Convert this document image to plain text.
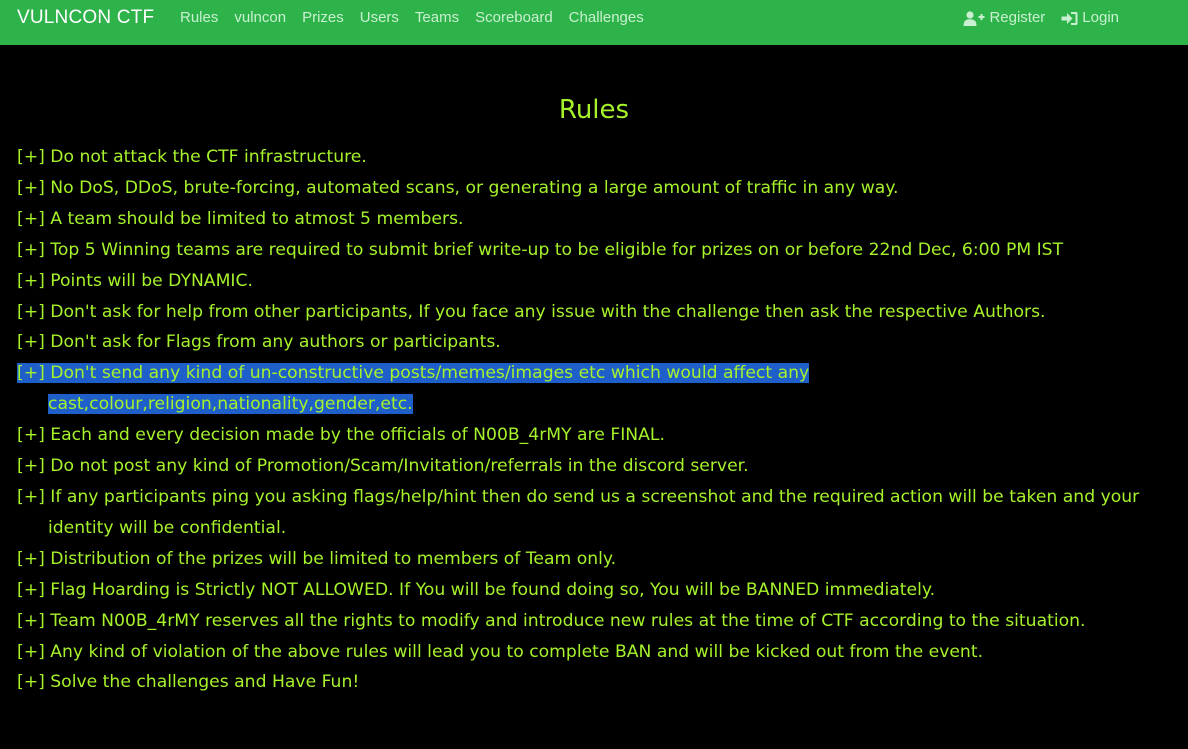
VULNCON CTF Rules vulncon Prizes Users Teams Scoreboard Challenges	Register Login
Rules
[+] Do not attack the CTF infrastructure.
[+] No DoS, DDoS, brute-forcing, automated scans, or generating a large amount of traffic in any way.
[+] A team should be limited to atmost 5 members.
[+] Top 5 Winning teams are required to submit brief write-up to be eligible for prizes on or before 22nd Dec, 6:00 PM IST
[+] Points will be DYNAMIC.
[+] Don't ask for help from other participants, If you face any issue with the challenge then ask the respective Authors.
[+] Don't ask for Flags from any authors or participants.
[+] Don't send any kind of un-constructive posts/memes/images etc which would affect any cast,colour,religion,nationality,gender,etc.
[+] Each and every decision made by the officials of N00B_4rMY are FINAL.
[+] Do not post any kind of Promotion/Scam/Invitation/referrals in the discord server.
[+] If any participants ping you asking flags/help/hint then do send us a screenshot and the required action will be taken and your identity will be confidential.
[+] Distribution of the prizes will be limited to members of Team only.
[+] Flag Hoarding is Strictly NOT ALLOWED. If You will be found doing so, You will be BANNED immediately.
[+] Team N00B_4rMY reserves all the rights to modify and introduce new rules at the time of CTF according to the situation.
[+] Any kind of violation of the above rules will lead you to complete BAN and will be kicked out from the event.
[+] Solve the challenges and Have Fun!
